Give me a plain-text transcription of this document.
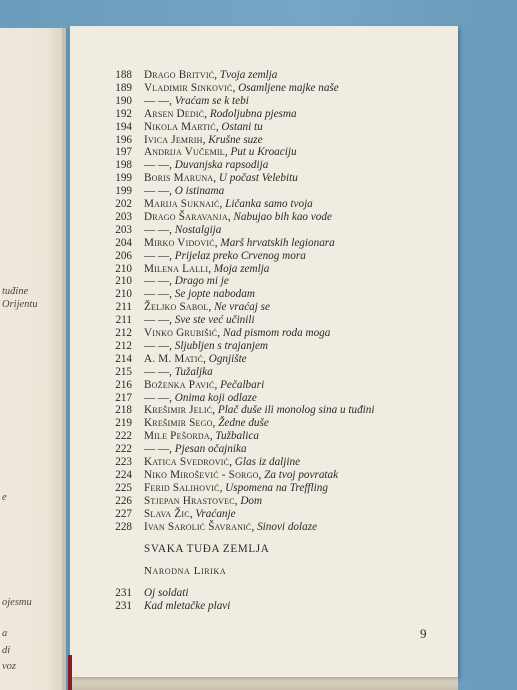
tuđine
Orijentu
e
ojesmu
a
di
voz
188 Drago Britvić, Tvoja zemlja
189 Vladimir Sinković, Osamljene majke naše
190 — —, Vraćam se k tebi
192 Arsen Dedić, Rodoljubna pjesma
194 Nikola Martić, Ostani tu
196 Ivica Jemrih, Krušne suze
197 Andrija Vučemil, Put u Kroaciju
198 — —, Duvanjska rapsodija
199 Boris Maruna, U počast Velebitu
199 — —, O istinama
202 Marija Suknaić, Ličanka samo tvoja
203 Drago Šaravanja, Nabujao bih kao vode
203 — —, Nostalgija
204 Mirko Vidović, Marš hrvatskih legionara
206 — —, Prijelaz preko Crvenog mora
210 Milena Lalli, Moja zemlja
210 — —, Drago mi je
210 — —, Se jopte nabodam
211 Željko Sabol, Ne vraćaj se
211 — —, Sve ste već učinili
212 Vinko Grubišić, Nad pismom roda moga
212 — —, Sljubljen s trajanjem
214 A. M. Matić, Ognjište
215 — —, Tužaljka
216 Boženka Pavić, Pečalbari
217 — —, Onima koji odlaze
218 Krešimir Jelić, Plač duše ili monolog sina u tuđini
219 Krešimir Sego, Žedne duše
222 Mile Pešorda, Tužbalica
222 — —, Pjesan očajnika
223 Katica Svedrović, Glas iz daljine
224 Niko Mirošević - Sorgo, Za tvoj povratak
225 Ferid Salihović, Uspomena na Treffling
226 Stjepan Hrastovec, Dom
227 Slava Žic, Vraćanje
228 Ivan Sarolić Šavranić, Sinovi dolaze
SVAKA TUĐA ZEMLJA
Narodna Lirika
231 Oj soldati
231 Kad mletačke plavi
9
